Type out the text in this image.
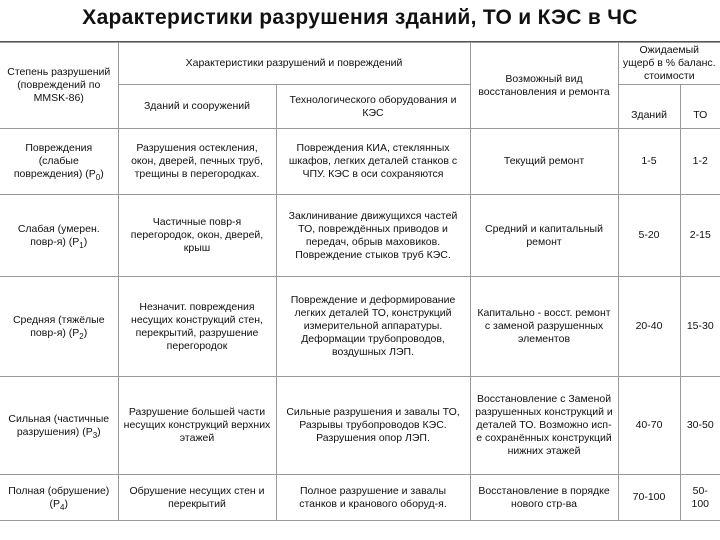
Характеристики разрушения зданий, ТО и КЭС в ЧС
Степень разрушений (повреждений по MMSK-86)	Характеристики разрушений и повреждений		Возможный вид восстановления и ремонта	Ожидаемый ущерб в % баланс. стоимости	
	Зданий и сооружений	Технологического оборудования и КЭС		Зданий	ТО

Повреждения (слабые повреждения) $(P_0)$	Разрушения остекления, окон, дверей, печных труб, трещины в перегородках.	Повреждения КИА, стеклянных шкафов, легких деталей станков с ЧПУ. КЭС в оси сохраняются	Текущий ремонт	1-5	1-2
Слабая (умерен. повр-я) $(P_1)$	Частичные повр-я перегородок, окон, дверей, крыш	Заклинивание движущихся частей ТО, повреждённых приводов и передач, обрыв маховиков. Повреждение стыков труб КЭС.	Средний и капитальный ремонт	5-20	2-15
Средняя (тяжёлые повр-я) $(P_2)$	Незначит. повреждения несущих конструкций стен, перекрытий, разрушение перегородок	Повреждение и деформирование легких деталей ТО, конструкций измерительной аппаратуры. Деформации трубопроводов, воздушных ЛЭП.	Капитально - восст. ремонт с заменой разрушенных элементов	20-40	15-30
Сильная (частичные разрушения) $(P_3)$	Разрушение большей части несущих конструкций верхних этажей	Сильные разрушения и завалы ТО, Разрывы трубопроводов КЭС. Разрушения опор ЛЭП.	Восстановление с Заменой разрушенных конструкций и деталей ТО. Возможно исп-е сохранённых конструкций нижних этажей	40-70	30-50
Полная (обрушение) $(P_4)$	Обрушение несущих стен и перекрытий	Полное разрушение и завалы станков и кранового оборуд-я.	Восстановление в порядке нового стр-ва	70-100	50-100
